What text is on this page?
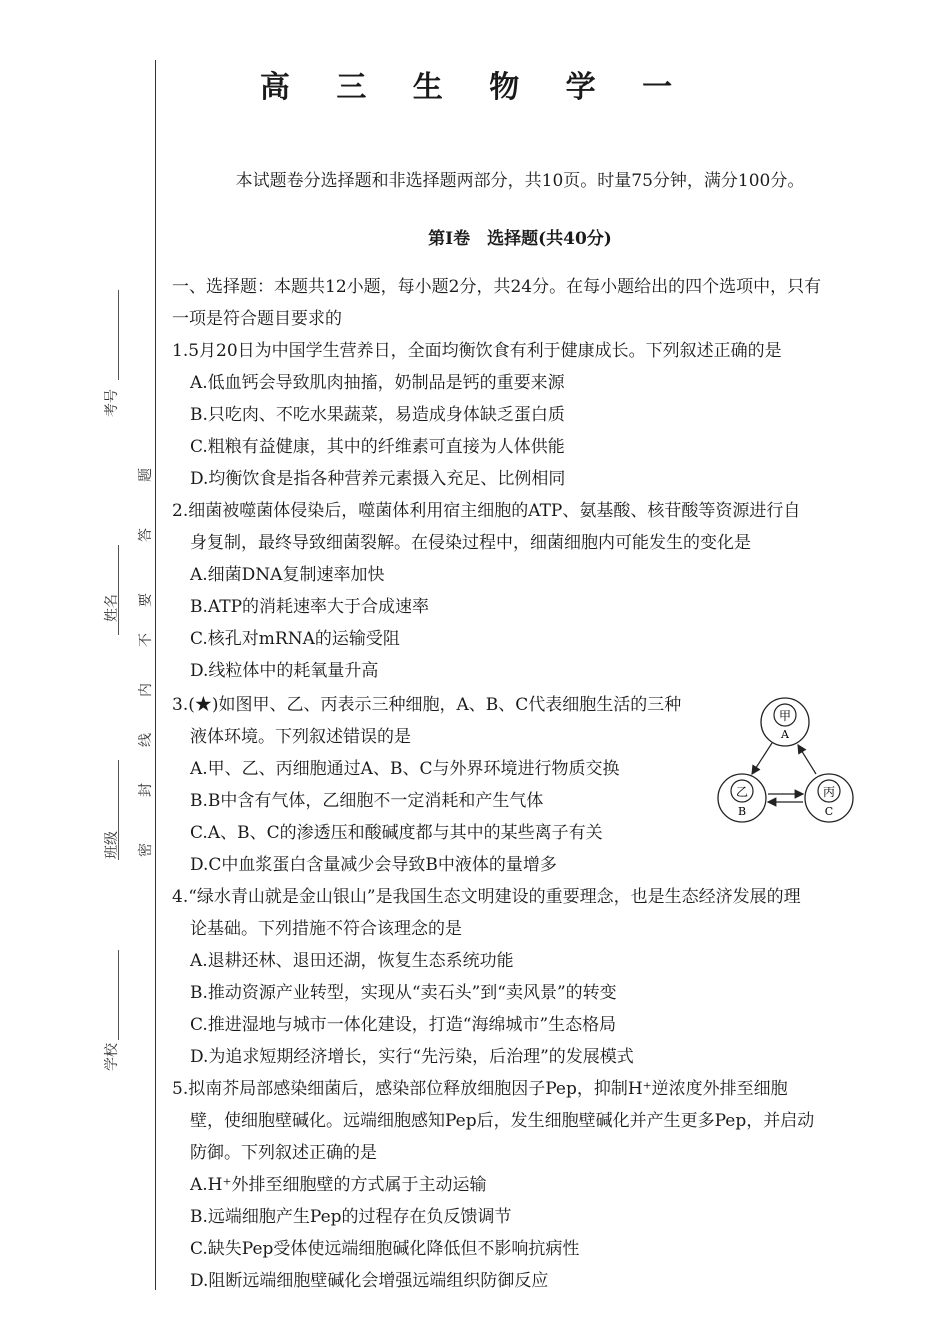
考号
姓名
班级
学校
密
封
线
内
不
要
答
题
高 三 生 物 学 一
本试题卷分选择题和非选择题两部分，共10页。时量75分钟，满分100分。
第Ⅰ卷　选择题(共40分)
一、选择题：本题共12小题，每小题2分，共24分。在每小题给出的四个选项中，只有
一项是符合题目要求的
1.5月20日为中国学生营养日，全面均衡饮食有利于健康成长。下列叙述正确的是
A.低血钙会导致肌肉抽搐，奶制品是钙的重要来源
B.只吃肉、不吃水果蔬菜，易造成身体缺乏蛋白质
C.粗粮有益健康，其中的纤维素可直接为人体供能
D.均衡饮食是指各种营养元素摄入充足、比例相同
2.细菌被噬菌体侵染后，噬菌体利用宿主细胞的ATP、氨基酸、核苷酸等资源进行自
身复制，最终导致细菌裂解。在侵染过程中，细菌细胞内可能发生的变化是
A.细菌DNA复制速率加快
B.ATP的消耗速率大于合成速率
C.核孔对mRNA的运输受阻
D.线粒体中的耗氧量升高
3.(★)如图甲、乙、丙表示三种细胞，A、B、C代表细胞生活的三种
液体环境。下列叙述错误的是
A.甲、乙、丙细胞通过A、B、C与外界环境进行物质交换
B.B中含有气体，乙细胞不一定消耗和产生气体
C.A、B、C的渗透压和酸碱度都与其中的某些离子有关
D.C中血浆蛋白含量减少会导致B中液体的量增多
甲
A
乙
B
丙
C
4.“绿水青山就是金山银山”是我国生态文明建设的重要理念，也是生态经济发展的理
论基础。下列措施不符合该理念的是
A.退耕还林、退田还湖，恢复生态系统功能
B.推动资源产业转型，实现从“卖石头”到“卖风景”的转变
C.推进湿地与城市一体化建设，打造“海绵城市”生态格局
D.为追求短期经济增长，实行“先污染，后治理”的发展模式
5.拟南芥局部感染细菌后，感染部位释放细胞因子Pep，抑制H⁺逆浓度外排至细胞
壁，使细胞壁碱化。远端细胞感知Pep后，发生细胞壁碱化并产生更多Pep，并启动
防御。下列叙述正确的是
A.H⁺外排至细胞壁的方式属于主动运输
B.远端细胞产生Pep的过程存在负反馈调节
C.缺失Pep受体使远端细胞碱化降低但不影响抗病性
D.阻断远端细胞壁碱化会增强远端组织防御反应
